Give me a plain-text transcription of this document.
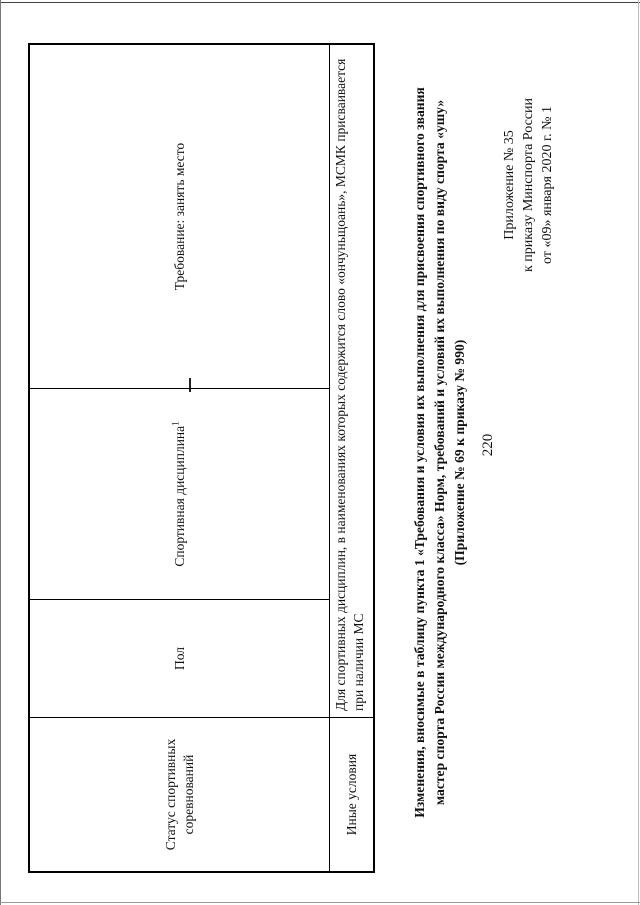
220
Приложение № 35 к приказу Минспорта России от «09» января 2020 г. № 1
Изменения, вносимые в таблицу пункта 1 «Требования и условия их выполнения для присвоения спортивного звания мастер спорта России международного класса» Норм, требований и условий их выполнения по виду спорта «ушу» (Приложение № 69 к приказу № 990)
Статус спортивных соревнований
Пол
Спортивная дисциплина$^1$
Требование: занять место
Иные условия
Для спортивных дисциплин, в наименованиях которых содержится слово «ончуньщоань», МСМК присваивается при наличии МС
